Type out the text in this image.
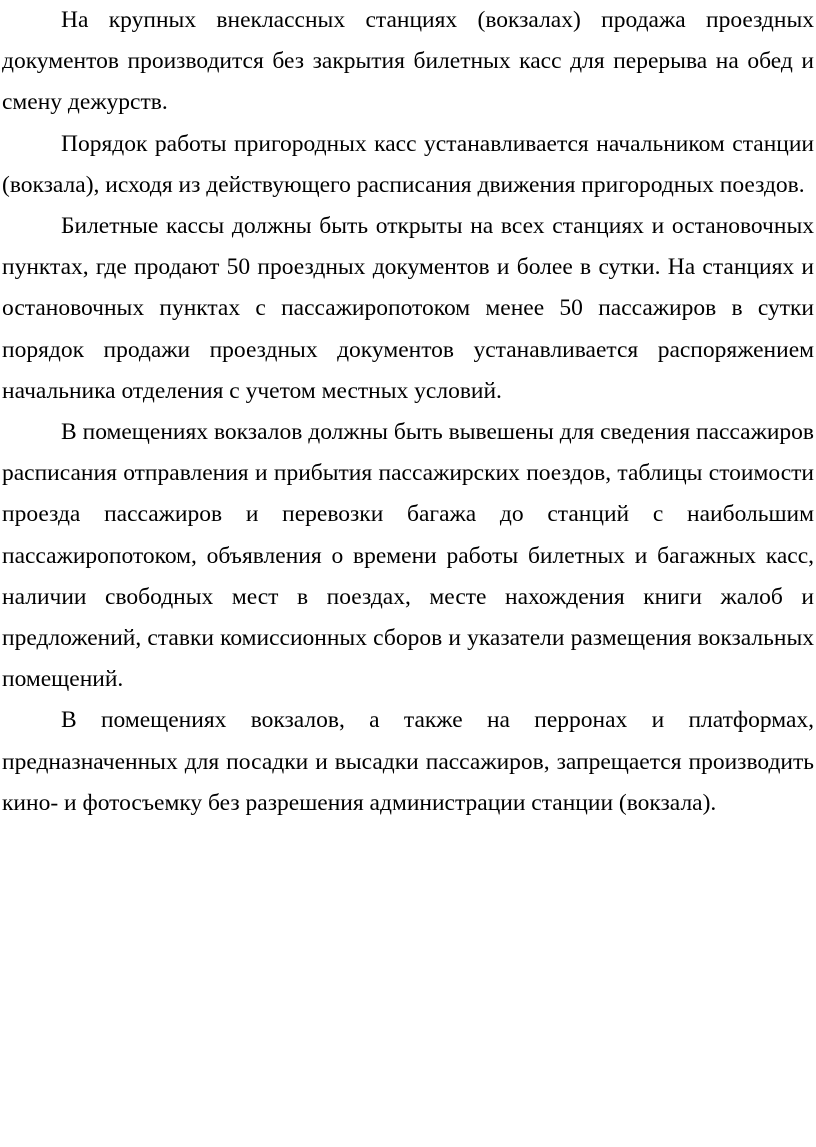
На крупных внеклассных станциях (вокзалах) продажа проездных документов производится без закрытия билетных касс для перерыва на обед и смену дежурств.

Порядок работы пригородных касс устанавливается начальником станции (вокзала), исходя из действующего расписания движения пригородных поездов.

Билетные кассы должны быть открыты на всех станциях и остановочных пунктах, где продают 50 проездных документов и более в сутки. На станциях и остановочных пунктах с пассажиропотоком менее 50 пассажиров в сутки порядок продажи проездных документов устанавливается распоряжением начальника отделения с учетом местных условий.

В помещениях вокзалов должны быть вывешены для сведения пассажиров расписания отправления и прибытия пассажирских поездов, таблицы стоимости проезда пассажиров и перевозки багажа до станций с наибольшим пассажиропотоком, объявления о времени работы билетных и багажных касс, наличии свободных мест в поездах, месте нахождения книги жалоб и предложений, ставки комиссионных сборов и указатели размещения вокзальных помещений.

В помещениях вокзалов, а также на перронах и платформах, предназначенных для посадки и высадки пассажиров, запрещается производить кино- и фотосъемку без разрешения администрации станции (вокзала).
